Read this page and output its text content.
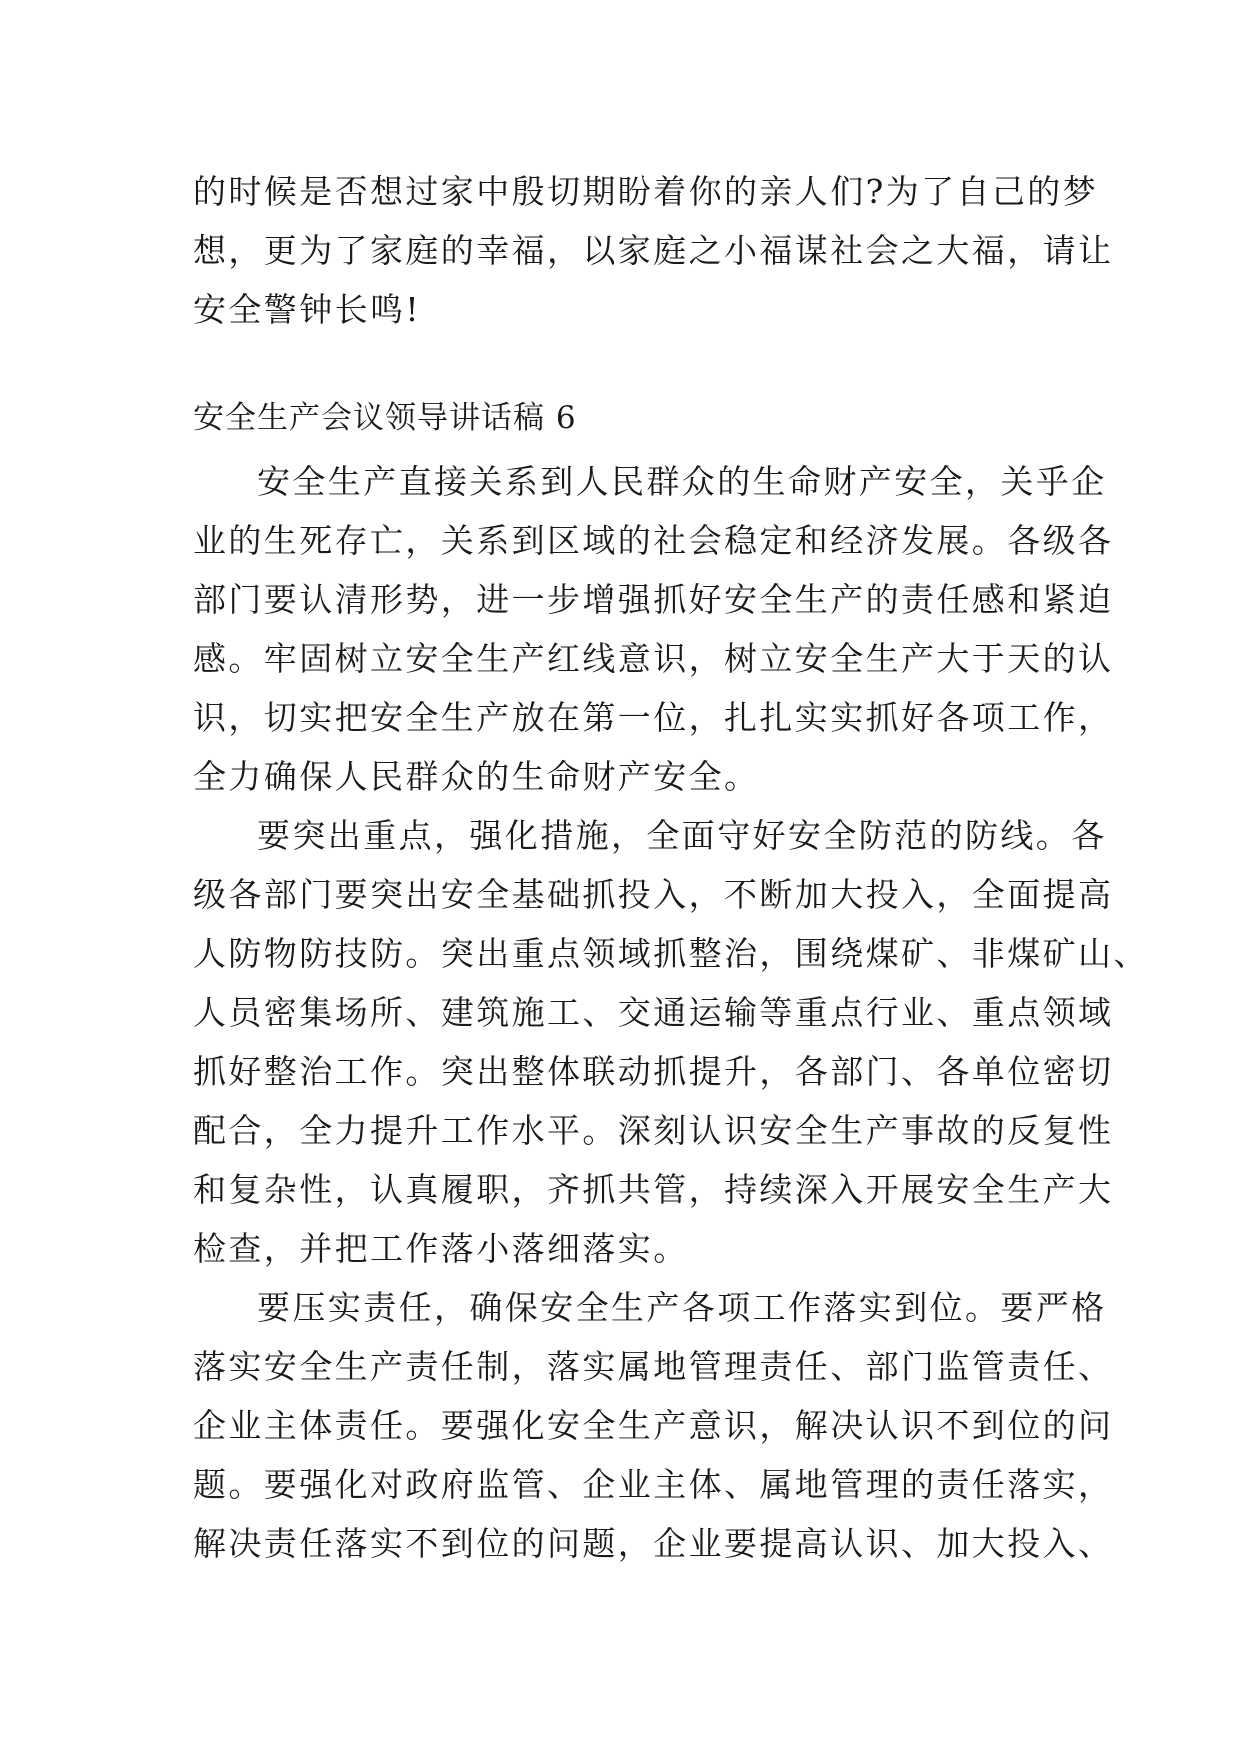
的时候是否想过家中殷切期盼着你的亲人们?为了自己的梦
想，更为了家庭的幸福，以家庭之小福谋社会之大福，请让
安全警钟长鸣!
安全生产会议领导讲话稿 6
安全生产直接关系到人民群众的生命财产安全，关乎企
业的生死存亡，关系到区域的社会稳定和经济发展。各级各
部门要认清形势，进一步增强抓好安全生产的责任感和紧迫
感。牢固树立安全生产红线意识，树立安全生产大于天的认
识，切实把安全生产放在第一位，扎扎实实抓好各项工作，
全力确保人民群众的生命财产安全。
要突出重点，强化措施，全面守好安全防范的防线。各
级各部门要突出安全基础抓投入，不断加大投入，全面提高
人防物防技防。突出重点领域抓整治，围绕煤矿、非煤矿山、
人员密集场所、建筑施工、交通运输等重点行业、重点领域
抓好整治工作。突出整体联动抓提升，各部门、各单位密切
配合，全力提升工作水平。深刻认识安全生产事故的反复性
和复杂性，认真履职，齐抓共管，持续深入开展安全生产大
检查，并把工作落小落细落实。
要压实责任，确保安全生产各项工作落实到位。要严格
落实安全生产责任制，落实属地管理责任、部门监管责任、
企业主体责任。要强化安全生产意识，解决认识不到位的问
题。要强化对政府监管、企业主体、属地管理的责任落实，
解决责任落实不到位的问题，企业要提高认识、加大投入、
